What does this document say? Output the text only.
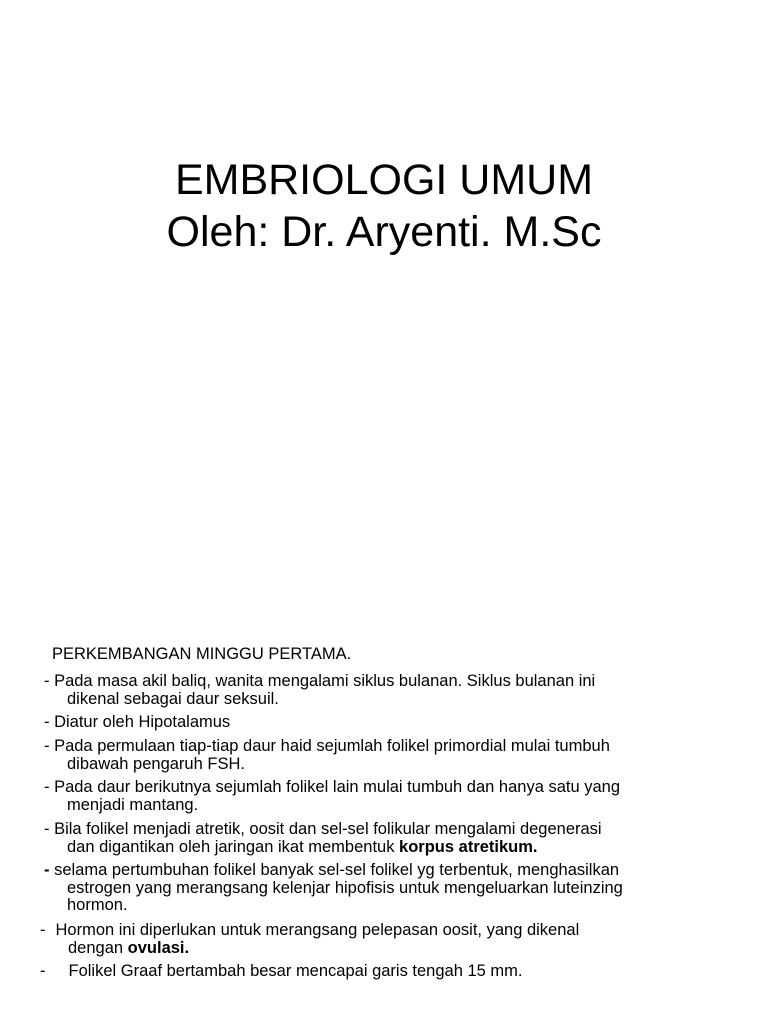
EMBRIOLOGI UMUM
Oleh: Dr. Aryenti. M.Sc
PERKEMBANGAN MINGGU PERTAMA.
- Pada masa akil baliq, wanita mengalami siklus bulanan. Siklus bulanan ini
dikenal sebagai daur seksuil.
- Diatur oleh Hipotalamus
- Pada permulaan tiap-tiap daur haid sejumlah folikel primordial mulai tumbuh
dibawah pengaruh FSH.
- Pada daur berikutnya sejumlah folikel lain mulai tumbuh dan hanya satu yang
menjadi mantang.
- Bila folikel menjadi atretik, oosit dan sel-sel folikular mengalami degenerasi
dan digantikan oleh jaringan ikat membentuk korpus atretikum.
- selama pertumbuhan folikel banyak sel-sel folikel yg terbentuk, menghasilkan
estrogen yang merangsang kelenjar hipofisis untuk mengeluarkan luteinzing
hormon.
- Hormon ini diperlukan untuk merangsang pelepasan oosit, yang dikenal
dengan ovulasi.
- Folikel Graaf bertambah besar mencapai garis tengah 15 mm.
